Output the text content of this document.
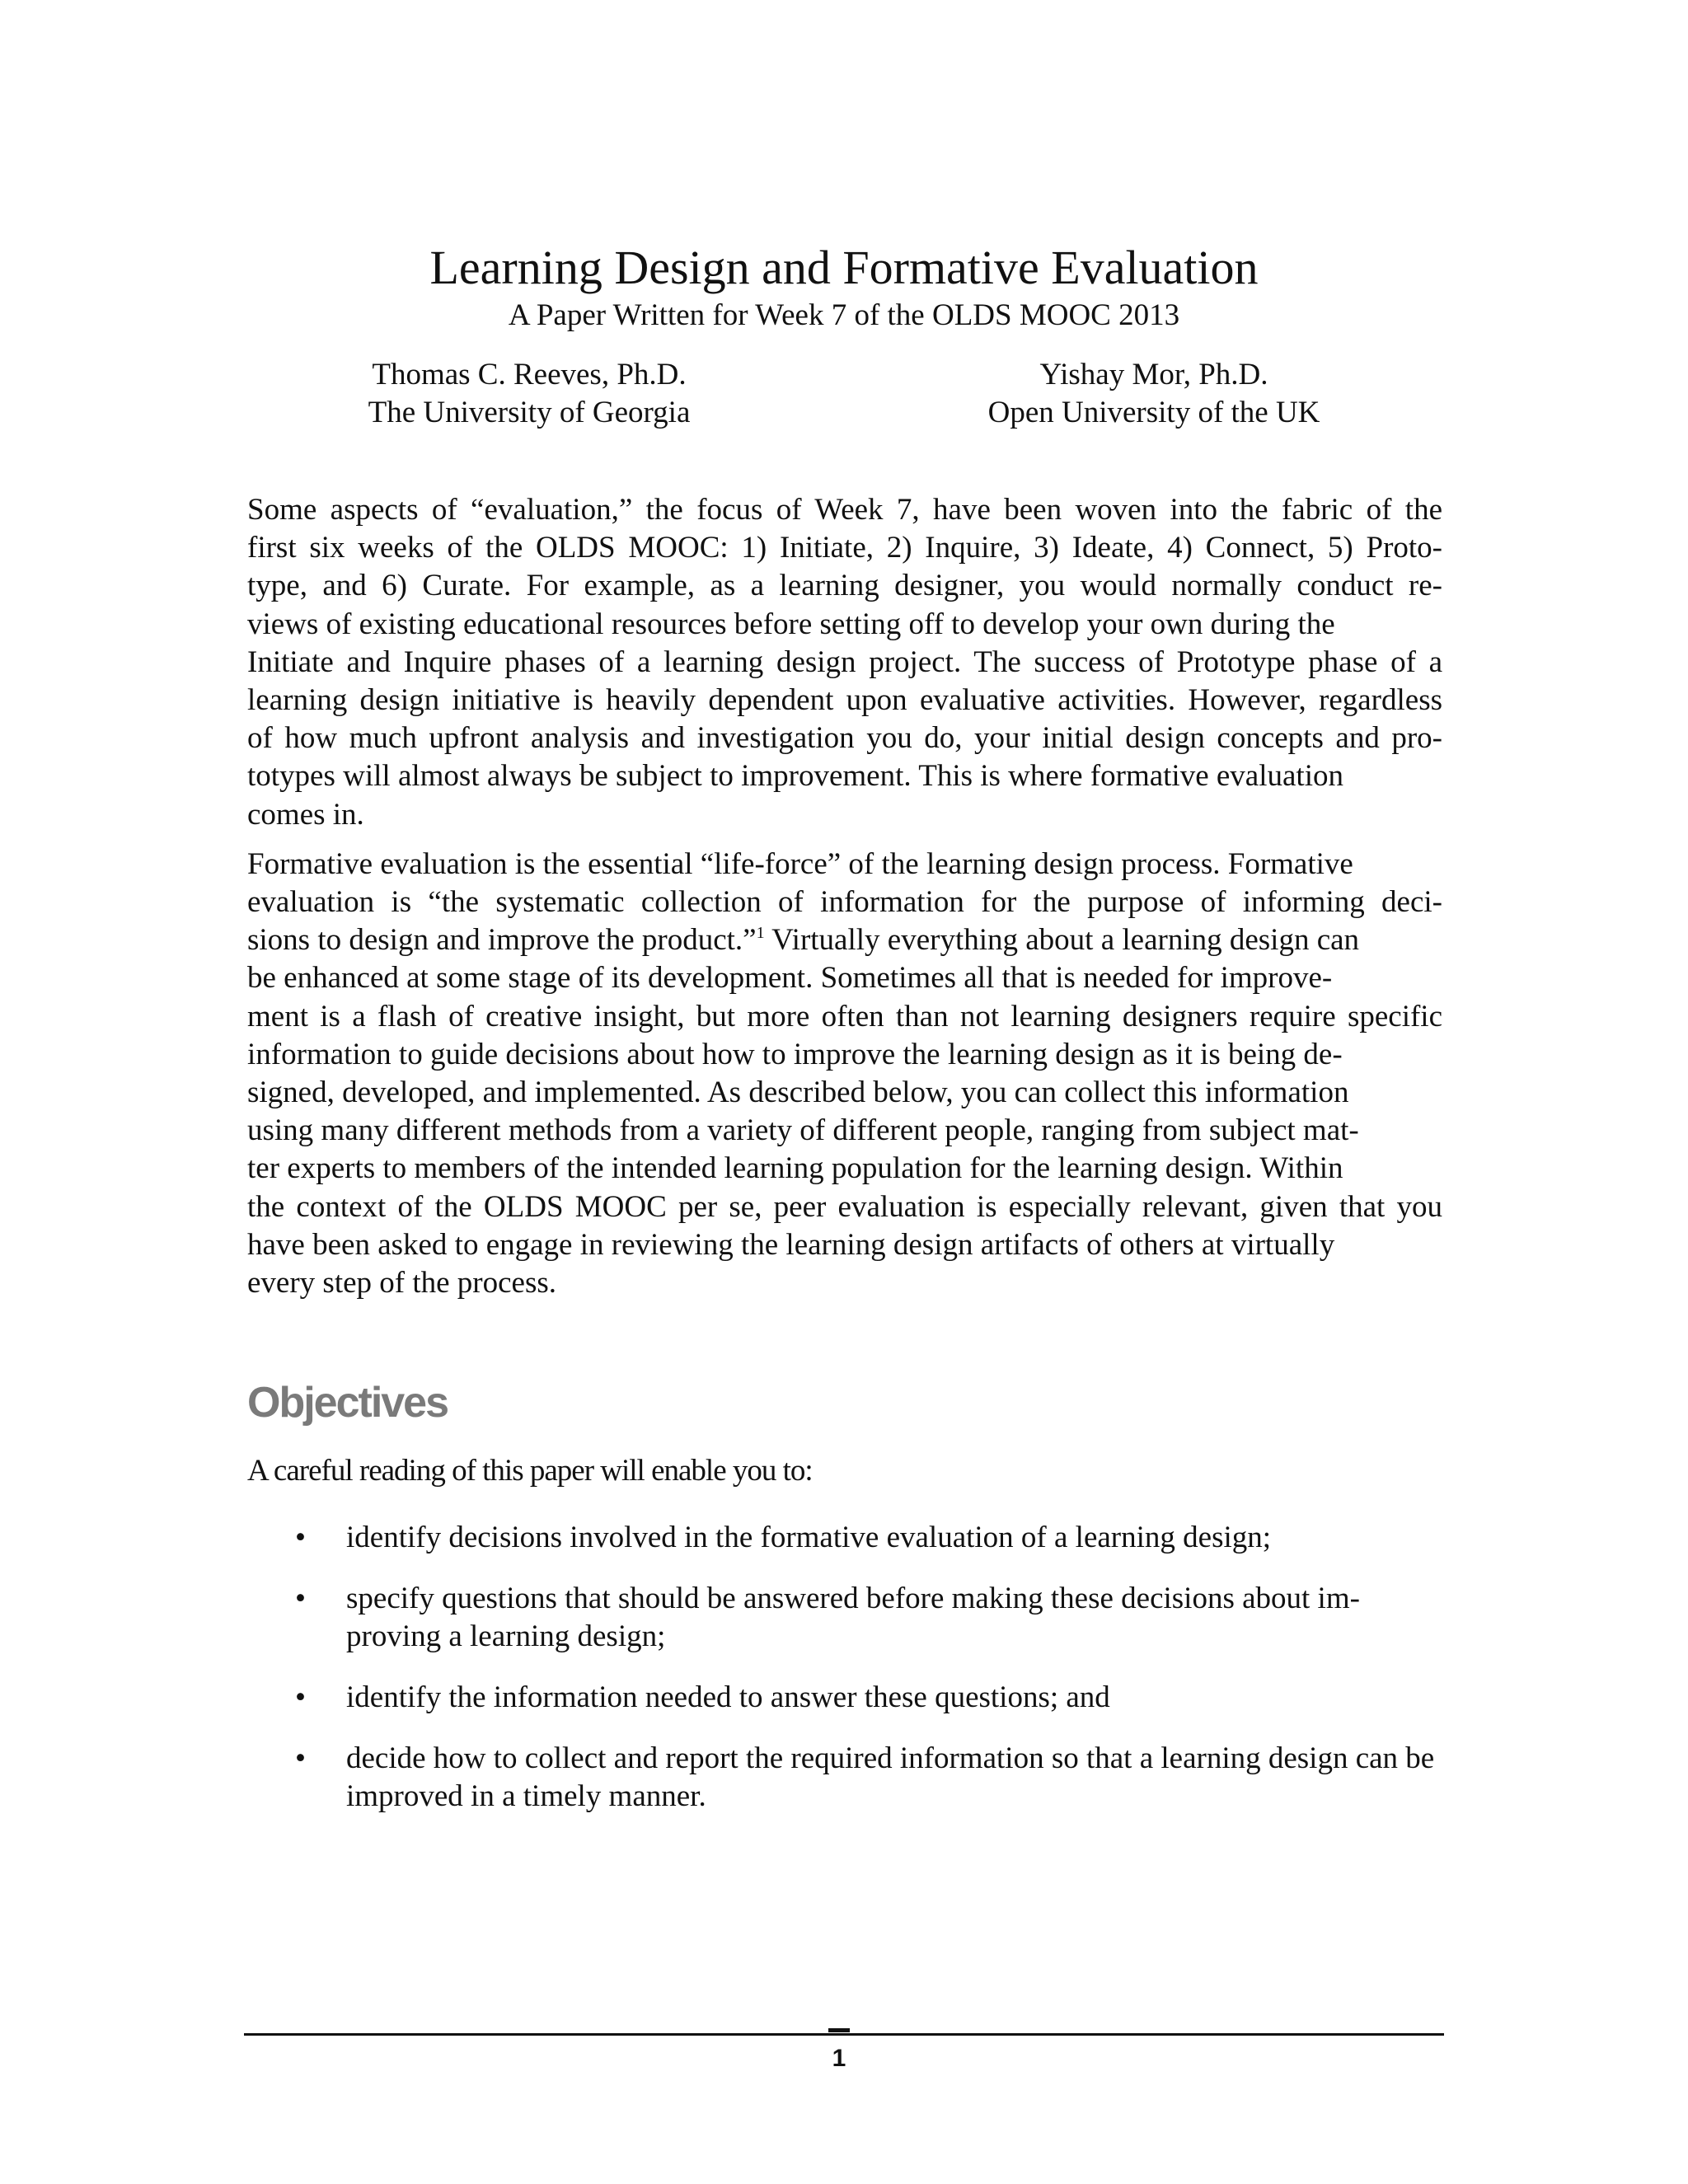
Learning Design and Formative Evaluation
A Paper Written for Week 7 of the OLDS MOOC 2013
Thomas C. Reeves, Ph.D.
The University of Georgia
Yishay Mor, Ph.D.
Open University of the UK
Some aspects of “evaluation,” the focus of Week 7, have been woven into the fabric of the
first six weeks of the OLDS MOOC: 1) Initiate, 2) Inquire, 3) Ideate, 4) Connect, 5) Proto-
type, and 6) Curate. For example, as a learning designer, you would normally conduct re-
views of existing educational resources before setting off to develop your own during the
Initiate and Inquire phases of a learning design project. The success of Prototype phase of a
learning design initiative is heavily dependent upon evaluative activities. However, regardless
of how much upfront analysis and investigation you do, your initial design concepts and pro-
totypes will almost always be subject to improvement. This is where formative evaluation
comes in.
Formative evaluation is the essential “life-force” of the learning design process. Formative
evaluation is “the systematic collection of information for the purpose of informing deci-
sions to design and improve the product.”$^1$ Virtually everything about a learning design can
be enhanced at some stage of its development. Sometimes all that is needed for improve-
ment is a flash of creative insight, but more often than not learning designers require specific
information to guide decisions about how to improve the learning design as it is being de-
signed, developed, and implemented. As described below, you can collect this information
using many different methods from a variety of different people, ranging from subject mat-
ter experts to members of the intended learning population for the learning design. Within
the context of the OLDS MOOC per se, peer evaluation is especially relevant, given that you
have been asked to engage in reviewing the learning design artifacts of others at virtually
every step of the process.
Objectives
A careful reading of this paper will enable you to:
• identify decisions involved in the formative evaluation of a learning design;
• specify questions that should be answered before making these decisions about im-proving a learning design;
• identify the information needed to answer these questions; and
• decide how to collect and report the required information so that a learning design can be improved in a timely manner.
1
